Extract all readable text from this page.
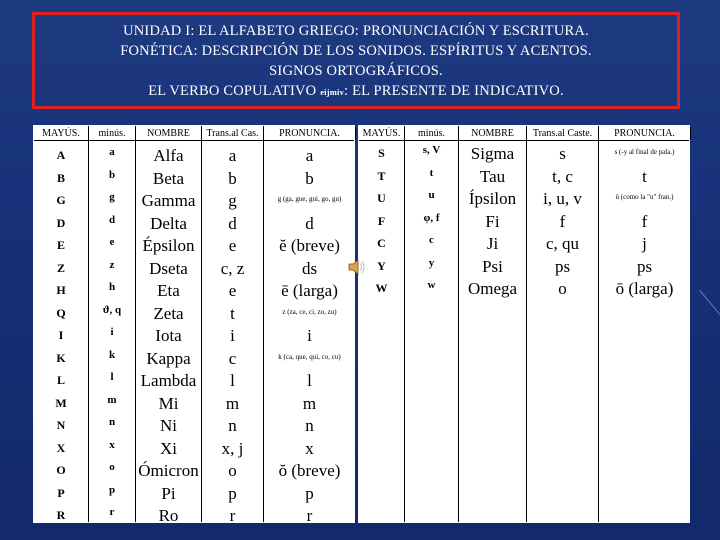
UNIDAD I: EL ALFABETO GRIEGO: PRONUNCIACIÓN Y ESCRITURA.
FONÉTICA: DESCRIPCIÓN DE LOS SONIDOS. ESPÍRITUS Y ACENTOS.
SIGNOS ORTOGRÁFICOS.
EL VERBO COPULATIVO eijmiv: EL PRESENTE DE INDICATIVO.
MAYÚS.	minús.	NOMBRE	Trans.al Cas.	PRONUNCIA.
A	a	Alfa	a	a
B	b	Beta	b	b
G	g	Gamma	g	g (ga, gue, gui, go, gu)
D	d	Delta	d	d
E	e	Épsilon	e	ĕ (breve)
Z	z	Dseta	c, z	ds
H	h	Eta	e	ē (larga)
Q	ϑ, q	Zeta	t	z (za, ce, ci, zo, zu)
I	i	Iota	i	i
K	k	Kappa	c	k (ca, que, qui, co, cu)
L	l	Lambda	l	l
M	m	Mi	m	m
N	n	Ni	n	n
X	x	Xi	x, j	x
O	o	Ómicron	o	ŏ (breve)
P	p	Pi	p	p
R	r	Ro	r	r
MAYÚS.	minús.	NOMBRE	Trans.al Caste.	PRONUNCIA.
S	s, V	Sigma	s	s (-y al final de pala.)
T	t	Tau	t, c	t
U	u	Ípsilon	i, u, v	ü (como la "u" fran.)
F	φ, f	Fi	f	f
C	c	Ji	c, qu	j
Y	y	Psi	ps	ps
W	w	Omega	o	ō (larga)
